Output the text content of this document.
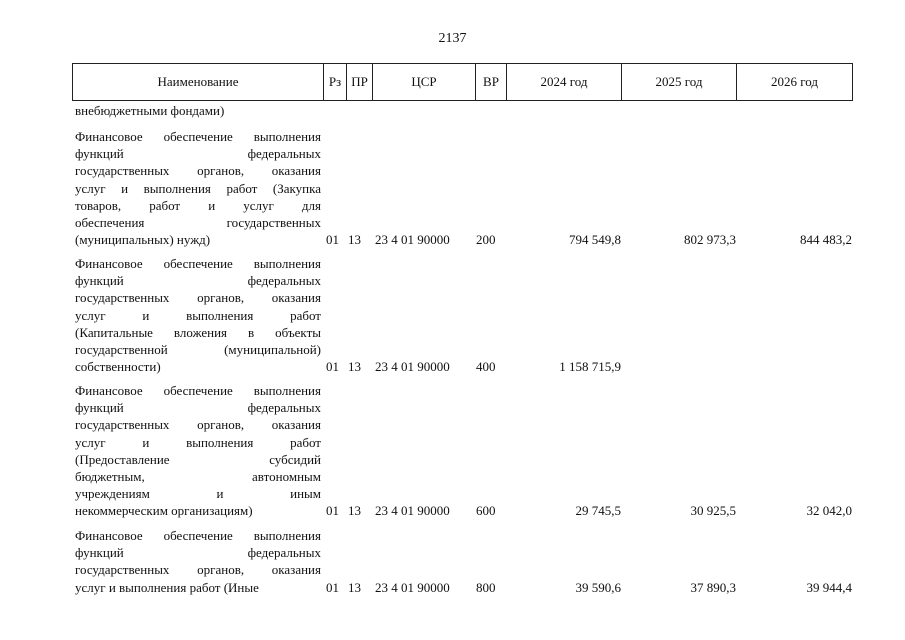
2137
Наименование	Рз ПР	ЦСР	ВР	2024 год	2025 год	2026 год
внебюджетными фондами)
Финансовое обеспечение выполнения
функций федеральных
государственных органов, оказания
услуг и выполнения работ (Закупка
товаров, работ и услуг для
обеспечения государственных
(муниципальных) нужд)	01 13	23 4 01 90000	200	794 549,8	802 973,3	844 483,2
Финансовое обеспечение выполнения
функций федеральных
государственных органов, оказания
услуг и выполнения работ
(Капитальные вложения в объекты
государственной (муниципальной)
собственности)	01 13	23 4 01 90000	400	1 158 715,9
Финансовое обеспечение выполнения
функций федеральных
государственных органов, оказания
услуг и выполнения работ
(Предоставление субсидий
бюджетным, автономным
учреждениям и иным
некоммерческим организациям)	01 13	23 4 01 90000	600	29 745,5	30 925,5	32 042,0
Финансовое обеспечение выполнения
функций федеральных
государственных органов, оказания
услуг и выполнения работ (Иные	01 13	23 4 01 90000	800	39 590,6	37 890,3	39 944,4
